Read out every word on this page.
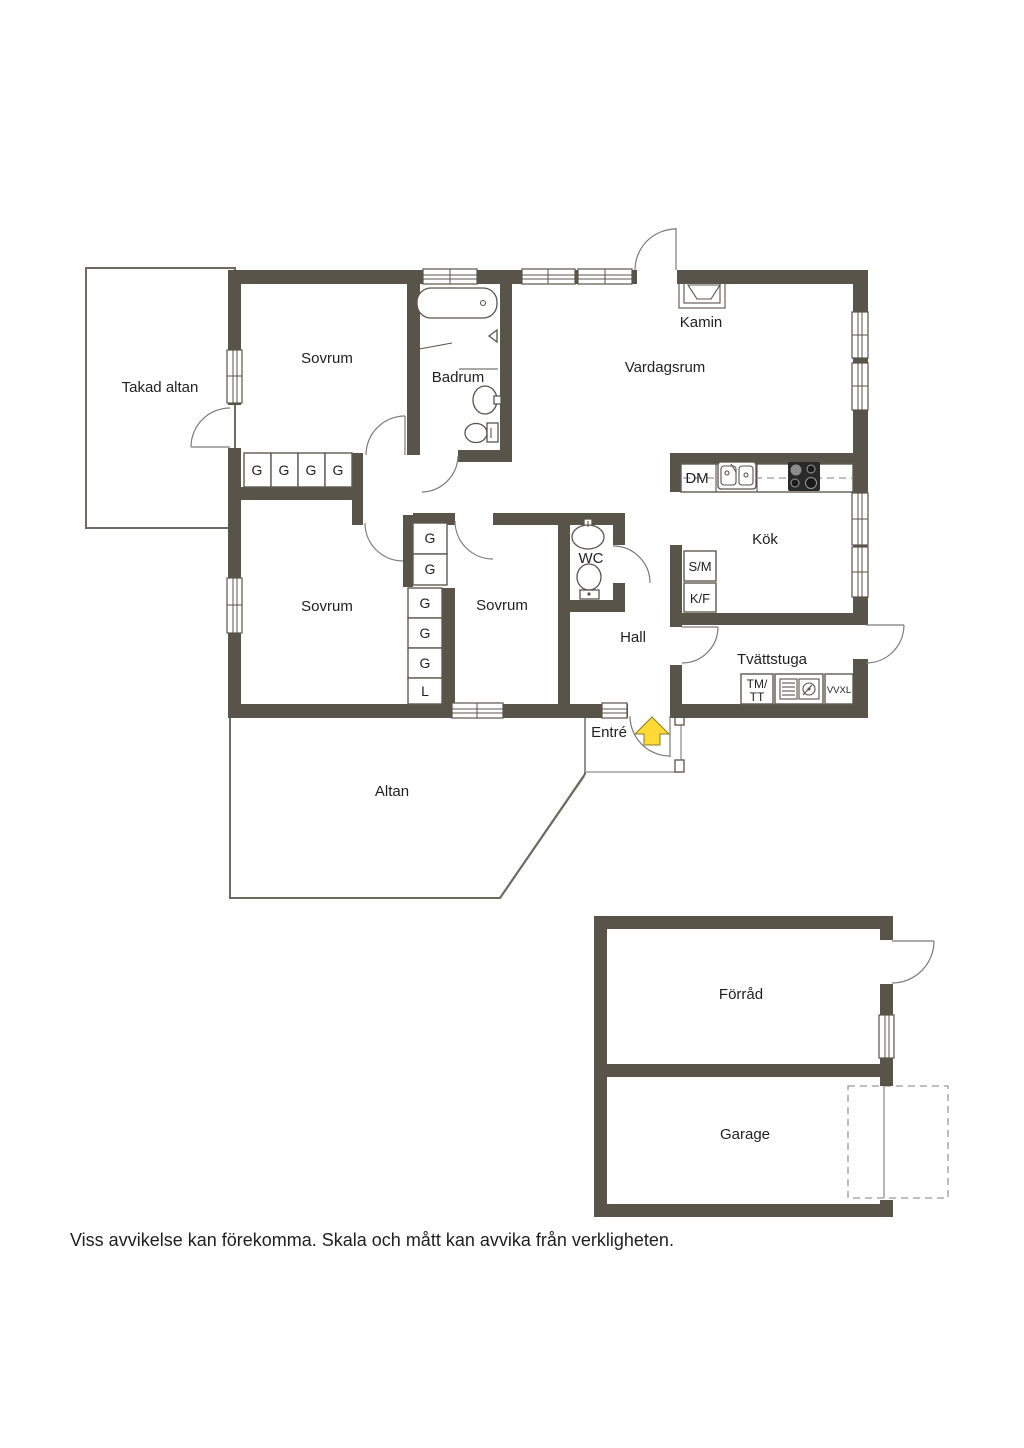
Takad altan
Sovrum
Badrum
Vardagsrum
Kamin
DM
Kök
S/M
K/F
WC
Sovrum	Sovrum
Hall
Tvättstuga
TM/
TT	VVXL
Entré
Altan
Förråd
Garage
G G G G
G
G
G
G
G
L
Viss avvikelse kan förekomma. Skala och mått kan avvika från verkligheten.
